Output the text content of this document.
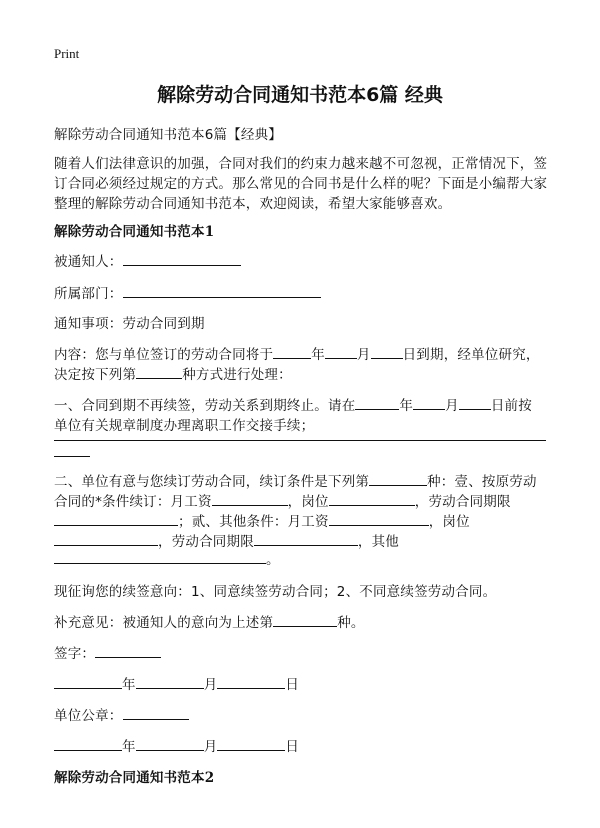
Print
解除劳动合同通知书范本6篇 经典
解除劳动合同通知书范本6篇【经典】
随着人们法律意识的加强，合同对我们的约束力越来越不可忽视，正常情况下，签
订合同必须经过规定的方式。那么常见的合同书是什么样的呢？下面是小编帮大家
整理的解除劳动合同通知书范本，欢迎阅读，希望大家能够喜欢。
解除劳动合同通知书范本1
被通知人：
所属部门：
通知事项：劳动合同到期
内容：您与单位签订的劳动合同将于	年 月 日到期，经单位研究，
决定按下列第	种方式进行处理：
一、合同到期不再续签，劳动关系到期终止。请在	年 月 日前按
单位有关规章制度办理离职工作交接手续；
二、单位有意与您续订劳动合同，续订条件是下列第	种：壹、按原劳动
合同的*条件续订：月工资	，岗位	，劳动合同期限
；贰、其他条件：月工资	，岗位
，劳动合同期限	，其他
。
现征询您的续签意向：1、同意续签劳动合同；2、不同意续签劳动合同。
补充意见：被通知人的意向为上述第	种。
签字：
年	月	日
单位公章：
年	月	日
解除劳动合同通知书范本2
